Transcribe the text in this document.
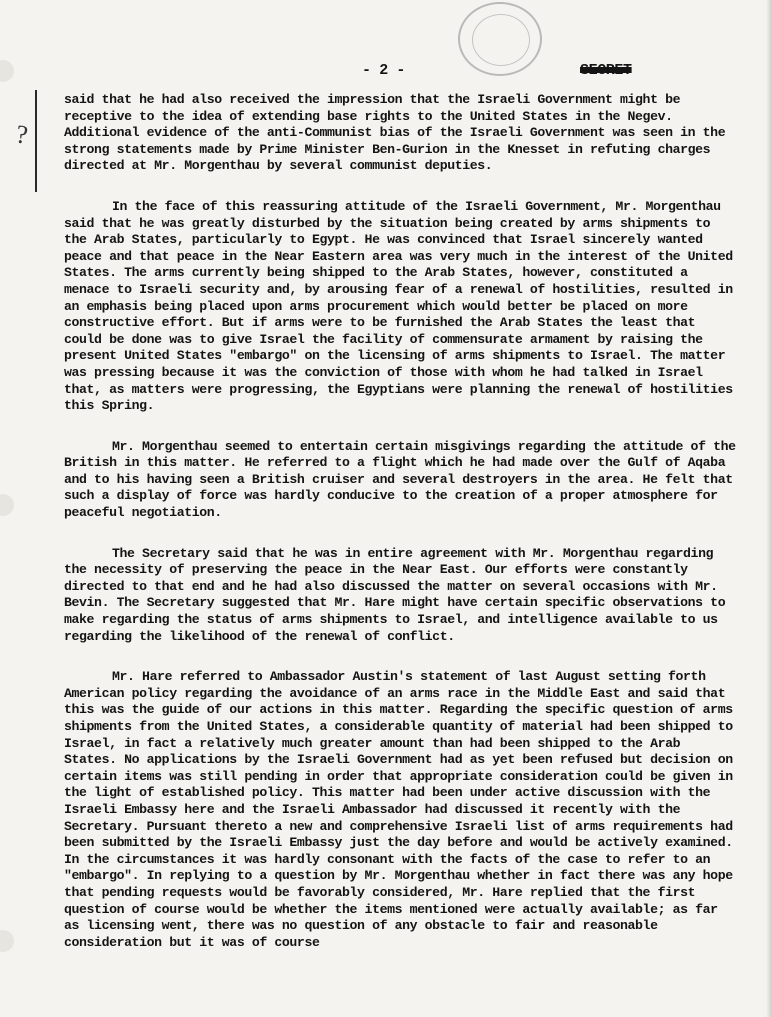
?
- 2 -	SECRET

said that he had also received the impression that the Israeli Government might be receptive to the idea of extending base rights to the United States in the Negev. Additional evidence of the anti-Communist bias of the Israeli Government was seen in the strong statements made by Prime Minister Ben-Gurion in the Knesset in refuting charges directed at Mr. Morgenthau by several communist deputies.

In the face of this reassuring attitude of the Israeli Government, Mr. Morgenthau said that he was greatly disturbed by the situation being created by arms shipments to the Arab States, particularly to Egypt. He was convinced that Israel sincerely wanted peace and that peace in the Near Eastern area was very much in the interest of the United States. The arms currently being shipped to the Arab States, however, constituted a menace to Israeli security and, by arousing fear of a renewal of hostilities, resulted in an emphasis being placed upon arms procurement which would better be placed on more constructive effort. But if arms were to be furnished the Arab States the least that could be done was to give Israel the facility of commensurate armament by raising the present United States "embargo" on the licensing of arms shipments to Israel. The matter was pressing because it was the conviction of those with whom he had talked in Israel that, as matters were progressing, the Egyptians were planning the renewal of hostilities this Spring.

Mr. Morgenthau seemed to entertain certain misgivings regarding the attitude of the British in this matter. He referred to a flight which he had made over the Gulf of Aqaba and to his having seen a British cruiser and several destroyers in the area. He felt that such a display of force was hardly conducive to the creation of a proper atmosphere for peaceful negotiation.

The Secretary said that he was in entire agreement with Mr. Morgenthau regarding the necessity of preserving the peace in the Near East. Our efforts were constantly directed to that end and he had also discussed the matter on several occasions with Mr. Bevin. The Secretary suggested that Mr. Hare might have certain specific observations to make regarding the status of arms shipments to Israel, and intelligence available to us regarding the likelihood of the renewal of conflict.

Mr. Hare referred to Ambassador Austin's statement of last August setting forth American policy regarding the avoidance of an arms race in the Middle East and said that this was the guide of our actions in this matter. Regarding the specific question of arms shipments from the United States, a considerable quantity of material had been shipped to Israel, in fact a relatively much greater amount than had been shipped to the Arab States. No applications by the Israeli Government had as yet been refused but decision on certain items was still pending in order that appropriate consideration could be given in the light of established policy. This matter had been under active discussion with the Israeli Embassy here and the Israeli Ambassador had discussed it recently with the Secretary. Pursuant thereto a new and comprehensive Israeli list of arms requirements had been submitted by the Israeli Embassy just the day before and would be actively examined. In the circumstances it was hardly consonant with the facts of the case to refer to an "embargo". In replying to a question by Mr. Morgenthau whether in fact there was any hope that pending requests would be favorably considered, Mr. Hare replied that the first question of course would be whether the items mentioned were actually available; as far as licensing went, there was no question of any obstacle to fair and reasonable consideration but it was of course
